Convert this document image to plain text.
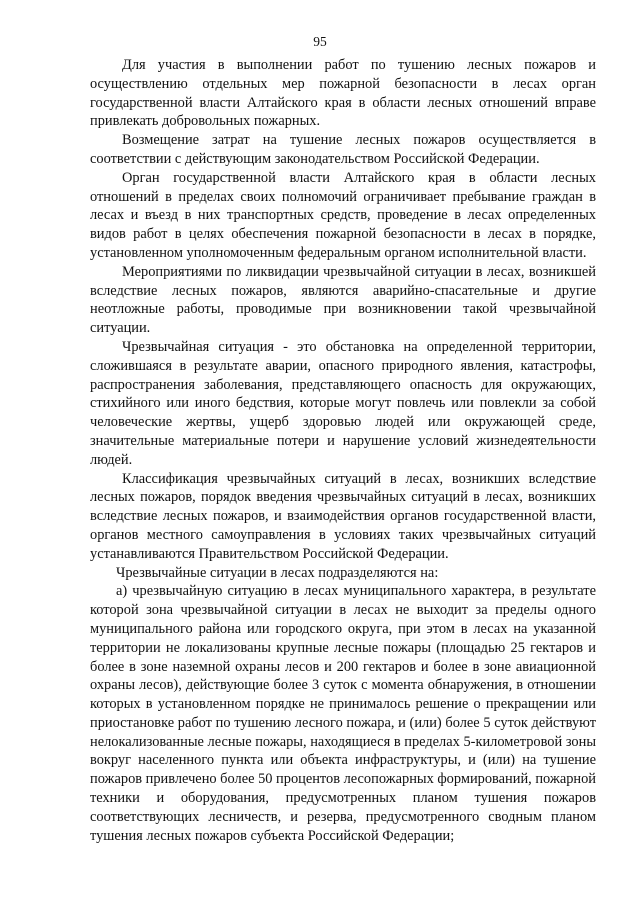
95

Для участия в выполнении работ по тушению лесных пожаров и осуществлению отдельных мер пожарной безопасности в лесах орган государственной власти Алтайского края в области лесных отношений вправе привлекать добровольных пожарных.

Возмещение затрат на тушение лесных пожаров осуществляется в соответствии с действующим законодательством Российской Федерации.

Орган государственной власти Алтайского края в области лесных отношений в пределах своих полномочий ограничивает пребывание граждан в лесах и въезд в них транспортных средств, проведение в лесах определенных видов работ в целях обеспечения пожарной безопасности в лесах в порядке, установленном уполномоченным федеральным органом исполнительной власти.

Мероприятиями по ликвидации чрезвычайной ситуации в лесах, возникшей вследствие лесных пожаров, являются аварийно-спасательные и другие неотложные работы, проводимые при возникновении такой чрезвычайной ситуации.

Чрезвычайная ситуация - это обстановка на определенной территории, сложившаяся в результате аварии, опасного природного явления, катастрофы, распространения заболевания, представляющего опасность для окружающих, стихийного или иного бедствия, которые могут повлечь или повлекли за собой человеческие жертвы, ущерб здоровью людей или окружающей среде, значительные материальные потери и нарушение условий жизнедеятельности людей.

Классификация чрезвычайных ситуаций в лесах, возникших вследствие лесных пожаров, порядок введения чрезвычайных ситуаций в лесах, возникших вследствие лесных пожаров, и взаимодействия органов государственной власти, органов местного самоуправления в условиях таких чрезвычайных ситуаций устанавливаются Правительством Российской Федерации.

Чрезвычайные ситуации в лесах подразделяются на:

а) чрезвычайную ситуацию в лесах муниципального характера, в результате которой зона чрезвычайной ситуации в лесах не выходит за пределы одного муниципального района или городского округа, при этом в лесах на указанной территории не локализованы крупные лесные пожары (площадью 25 гектаров и более в зоне наземной охраны лесов и 200 гектаров и более в зоне авиационной охраны лесов), действующие более 3 суток с момента обнаружения, в отношении которых в установленном порядке не принималось решение о прекращении или приостановке работ по тушению лесного пожара, и (или) более 5 суток действуют нелокализованные лесные пожары, находящиеся в пределах 5-километровой зоны вокруг населенного пункта или объекта инфраструктуры, и (или) на тушение пожаров привлечено более 50 процентов лесопожарных формирований, пожарной техники и оборудования, предусмотренных планом тушения пожаров соответствующих лесничеств, и резерва, предусмотренного сводным планом тушения лесных пожаров субъекта Российской Федерации;
